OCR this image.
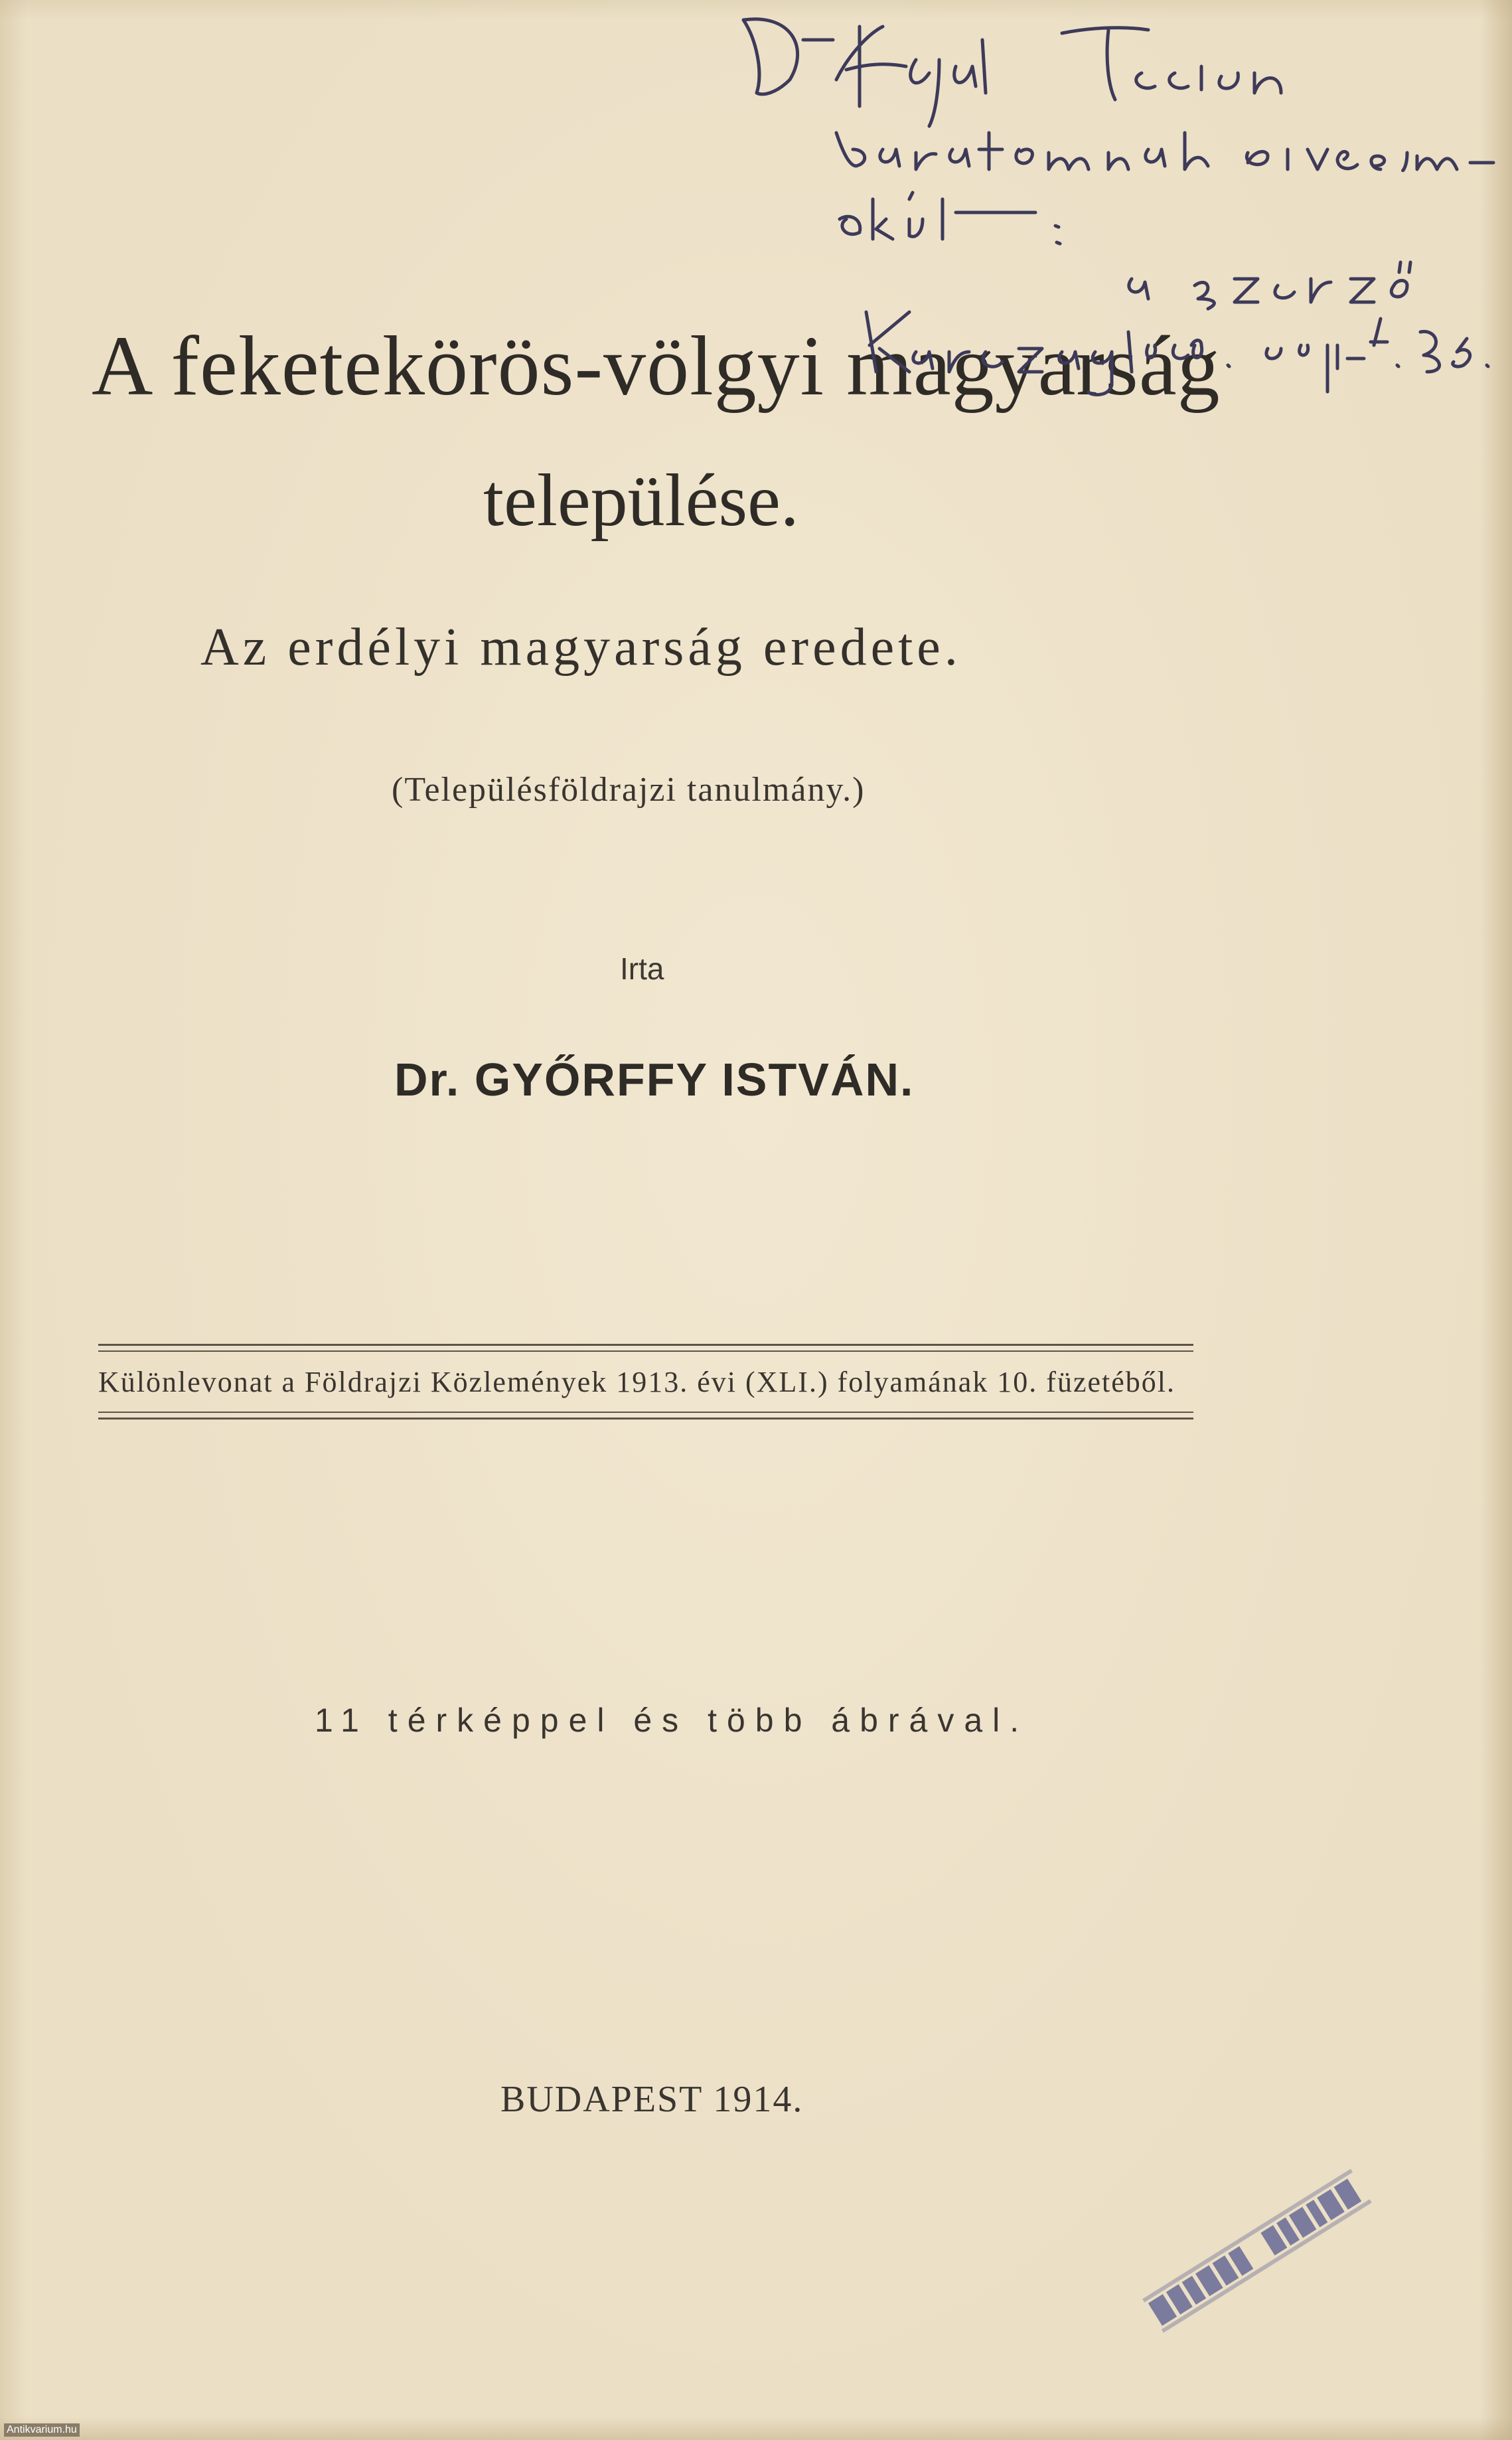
A feketekörös-völgyi magyarság
települése.
Az erdélyi magyarság eredete.
(Településföldrajzi tanulmány.)
Irta
Dr. GYŐRFFY ISTVÁN.
Különlevonat a Földrajzi Közlemények 1913. évi (XLI.) folyamának 10. füzetéből.
11 térképpel és több ábrával.
BUDAPEST 1914.
Antikvarium.hu
